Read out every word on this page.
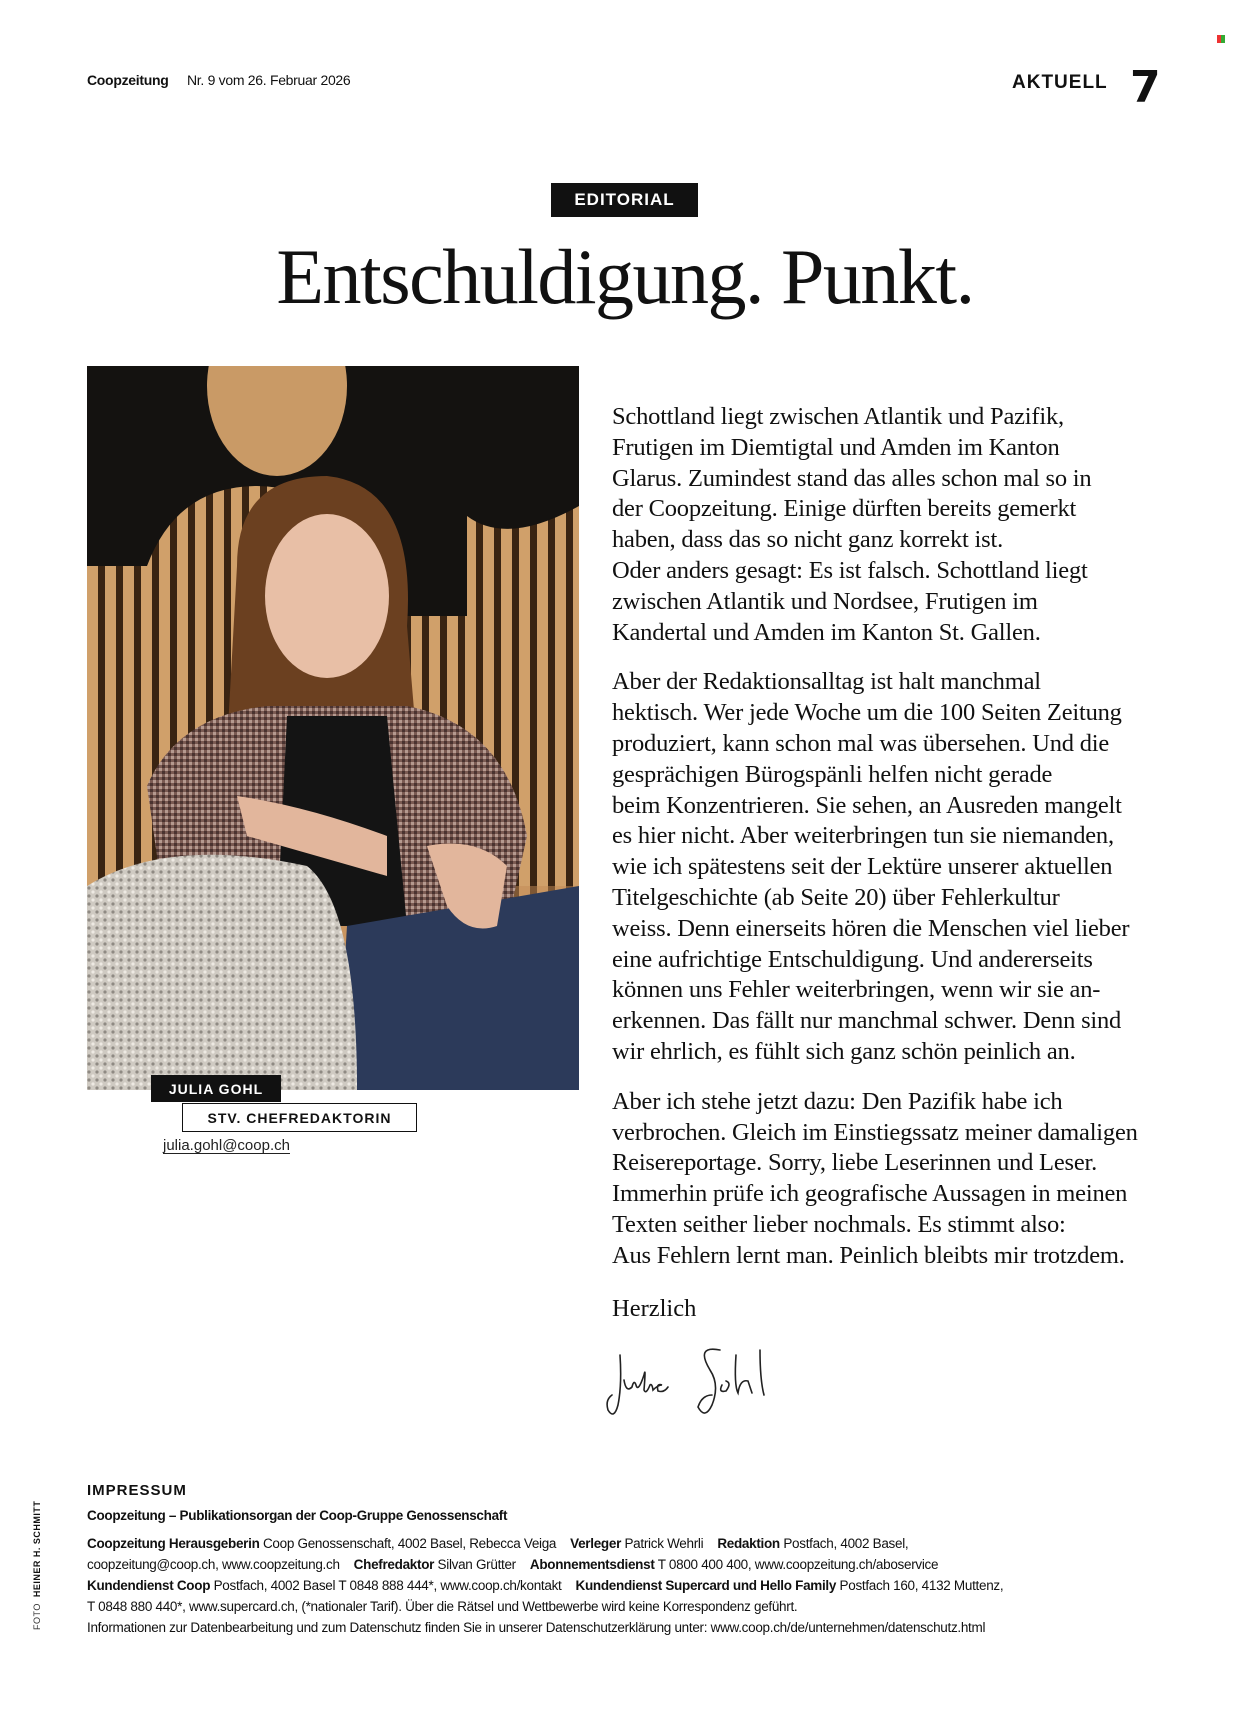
Coopzeitung Nr. 9 vom 26. Februar 2026	AKTUELL 7
EDITORIAL
Entschuldigung. Punkt.
JULIA GOHL
STV. CHEFREDAKTORIN
julia.gohl@coop.ch

Schottland liegt zwischen Atlantik und Pazifik,
Frutigen im Diemtigtal und Amden im Kanton
Glarus. Zumindest stand das alles schon mal so in
der Coopzeitung. Einige dürften bereits gemerkt
haben, dass das so nicht ganz korrekt ist.
Oder anders gesagt: Es ist falsch. Schottland liegt
zwischen Atlantik und Nordsee, Frutigen im
Kandertal und Amden im Kanton St. Gallen.

Aber der Redaktionsalltag ist halt manchmal
hektisch. Wer jede Woche um die 100 Seiten Zeitung
produziert, kann schon mal was übersehen. Und die
gesprächigen Bürogspänli helfen nicht gerade
beim Konzentrieren. Sie sehen, an Ausreden mangelt
es hier nicht. Aber weiterbringen tun sie niemanden,
wie ich spätestens seit der Lektüre unserer aktuellen
Titelgeschichte (ab Seite 20) über Fehlerkultur
weiss. Denn einerseits hören die Menschen viel lieber
eine aufrichtige Entschuldigung. Und andererseits
können uns Fehler weiterbringen, wenn wir sie an-
erkennen. Das fällt nur manchmal schwer. Denn sind
wir ehrlich, es fühlt sich ganz schön peinlich an.

Aber ich stehe jetzt dazu: Den Pazifik habe ich
verbrochen. Gleich im Einstiegssatz meiner damaligen
Reisereportage. Sorry, liebe Leserinnen und Leser.
Immerhin prüfe ich geografische Aussagen in meinen
Texten seither lieber nochmals. Es stimmt also:
Aus Fehlern lernt man. Peinlich bleibts mir trotzdem.

Herzlich
FOTO  HEINER H. SCHMITT
IMPRESSUM
Coopzeitung – Publikationsorgan der Coop-Gruppe Genossenschaft
Coopzeitung Herausgeberin Coop Genossenschaft, 4002 Basel, Rebecca Veiga Verleger Patrick Wehrli Redaktion Postfach, 4002 Basel,
coopzeitung@coop.ch, www.coopzeitung.ch Chefredaktor Silvan Grütter Abonnementsdienst T 0800 400 400, www.coopzeitung.ch/aboservice
Kundendienst Coop Postfach, 4002 Basel T 0848 888 444*, www.coop.ch/kontakt Kundendienst Supercard und Hello Family Postfach 160, 4132 Muttenz,
T 0848 880 440*, www.supercard.ch, (*nationaler Tarif). Über die Rätsel und Wettbewerbe wird keine Korrespondenz geführt.
Informationen zur Datenbearbeitung und zum Datenschutz finden Sie in unserer Datenschutzerklärung unter: www.coop.ch/de/unternehmen/datenschutz.html
